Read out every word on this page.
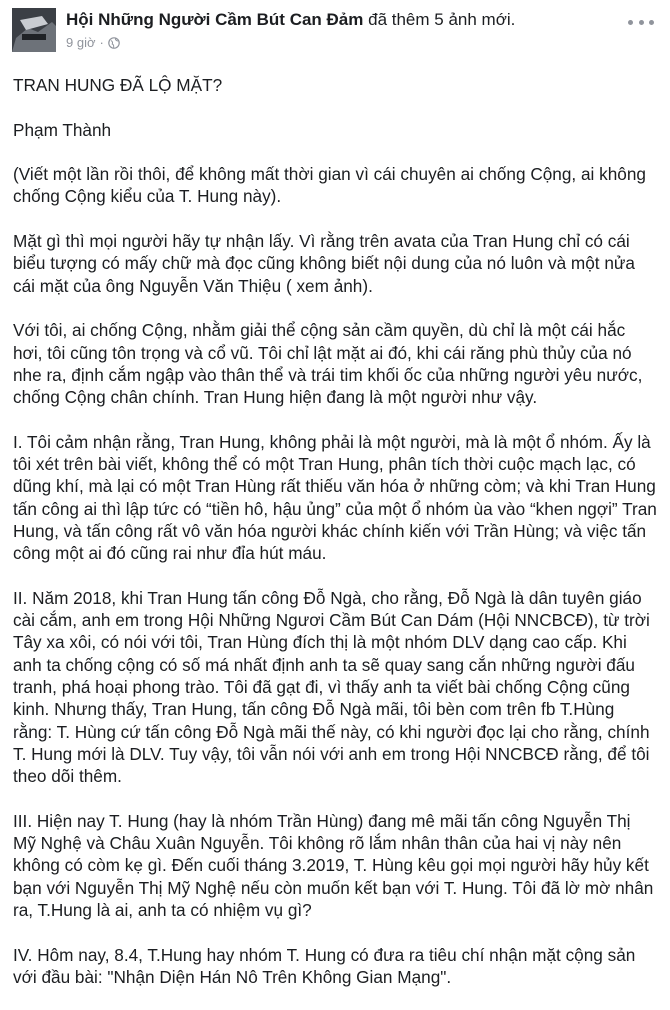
Hội Những Người Cầm Bút Can Đảm đã thêm 5 ảnh mới.
9 giờ ·

TRAN HUNG ĐÃ LỘ MẶT?

Phạm Thành

(Viết một lần rồi thôi, để không mất thời gian vì cái chuyên ai chống Cộng, ai không chống Cộng kiểu của T. Hung này).

Mặt gì thì mọi người hãy tự nhận lấy. Vì rằng trên avata của Tran Hung chỉ có cái biểu tượng có mấy chữ mà đọc cũng không biết nội dung của nó luôn và một nửa cái mặt của ông Nguyễn Văn Thiệu ( xem ảnh).

Với tôi, ai chống Cộng, nhằm giải thể cộng sản cầm quyền, dù chỉ là một cái hắc hơi, tôi cũng tôn trọng và cổ vũ. Tôi chỉ lật mặt ai đó, khi cái răng phù thủy của nó nhe ra, định cắm ngập vào thân thể và trái tim khối ốc của những người yêu nước, chống Cộng chân chính. Tran Hung hiện đang là một người như vậy.

I. Tôi cảm nhận rằng, Tran Hung, không phải là một người, mà là một ổ nhóm. Ấy là tôi xét trên bài viết, không thể có một Tran Hung, phân tích thời cuộc mạch lạc, có dũng khí, mà lại có một Tran Hùng rất thiếu văn hóa ở những còm; và khi Tran Hung tấn công ai thì lập tức có “tiền hô, hậu ủng” của một ổ nhóm ùa vào “khen ngợi” Tran Hung, và tấn công rất vô văn hóa người khác chính kiến với Trần Hùng; và việc tấn công một ai đó cũng rai như đỉa hút máu.

II. Năm 2018, khi Tran Hung tấn công Đỗ Ngà, cho rằng, Đỗ Ngà là dân tuyên giáo cài cắm, anh em trong Hội Những Ngươi Cầm Bút Can Dám (Hội NNCBCĐ), từ trời Tây xa xôi, có nói với tôi, Tran Hùng đích thị là một nhóm DLV dạng cao cấp. Khi anh ta chống cộng có số má nhất định anh ta sẽ quay sang cắn những người đấu tranh, phá hoại phong trào. Tôi đã gạt đi, vì thấy anh ta viết bài chống Cộng cũng kinh. Nhưng thấy, Tran Hung, tấn công Đỗ Ngà mãi, tôi bèn com trên fb T.Hùng rằng: T. Hùng cứ tấn công Đỗ Ngà mãi thế này, có khi người đọc lại cho rằng, chính T. Hung mới là DLV. Tuy vậy, tôi vẫn nói với anh em trong Hội NNCBCĐ rằng, để tôi theo dõi thêm.

III. Hiện nay T. Hung (hay là nhóm Trần Hùng) đang mê mãi tấn công Nguyễn Thị Mỹ Nghệ và Châu Xuân Nguyễn. Tôi không rõ lắm nhân thân của hai vị này nên không có còm kẹ gì. Đến cuối tháng 3.2019, T. Hùng kêu gọi mọi người hãy hủy kết bạn với Nguyễn Thị Mỹ Nghệ nếu còn muốn kết bạn với T. Hung. Tôi đã lờ mờ nhân ra, T.Hung là ai, anh ta có nhiệm vụ gì?

IV. Hôm nay, 8.4, T.Hung hay nhóm T. Hung có đưa ra tiêu chí nhận mặt cộng sản với đầu bài: "Nhận Diện Hán Nô Trên Không Gian Mạng".
